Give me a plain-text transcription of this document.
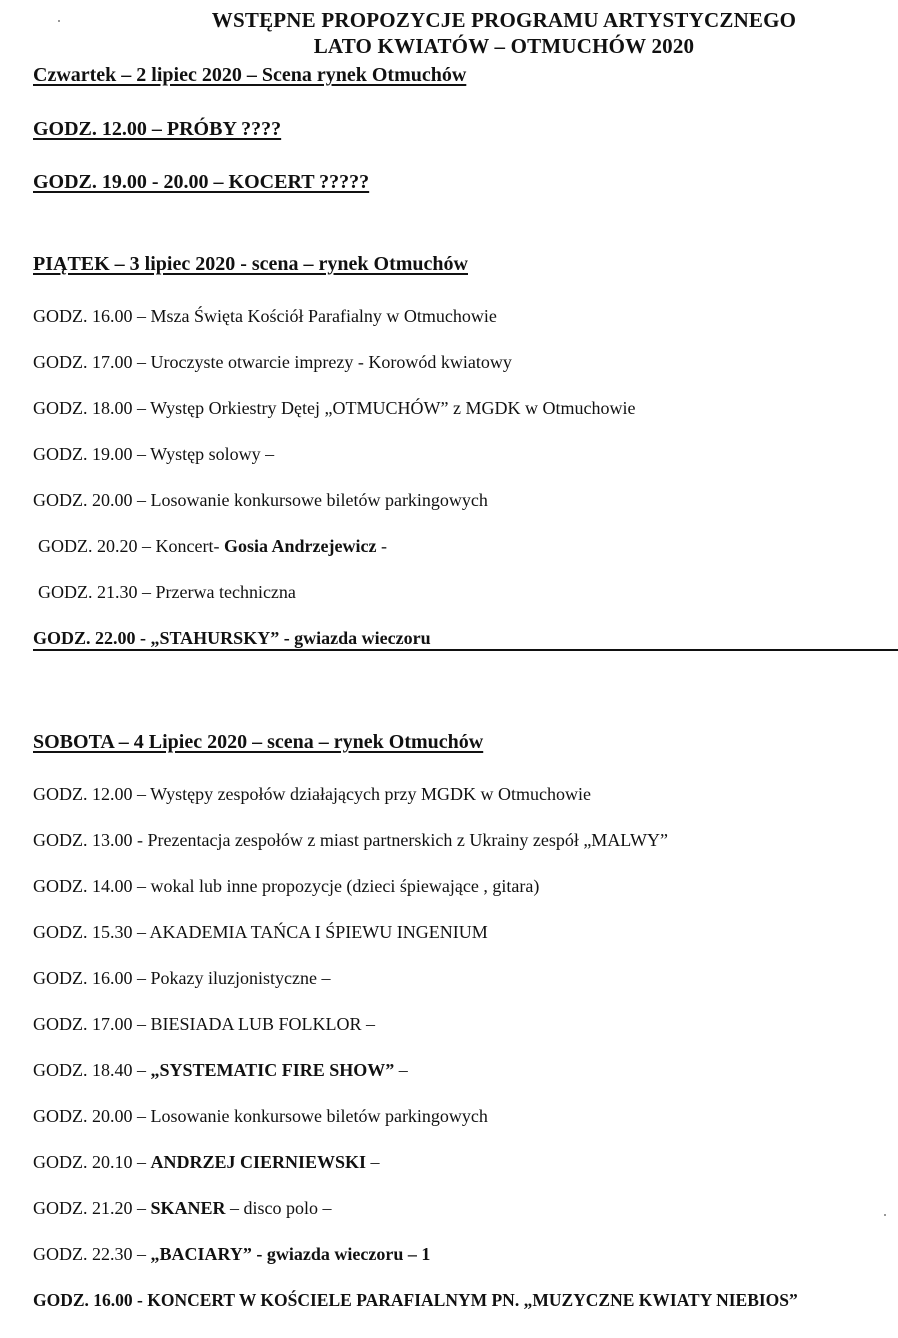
WSTĘPNE PROPOZYCJE PROGRAMU ARTYSTYCZNEGO
LATO KWIATÓW – OTMUCHÓW 2020
Czwartek – 2 lipiec 2020 – Scena rynek Otmuchów
GODZ. 12.00 – PRÓBY ????
GODZ. 19.00 - 20.00 – KOCERT ?????
PIĄTEK – 3 lipiec 2020 - scena – rynek Otmuchów
GODZ. 16.00 – Msza Święta Kościół Parafialny w Otmuchowie
GODZ. 17.00 – Uroczyste otwarcie imprezy - Korowód kwiatowy
GODZ. 18.00 – Występ Orkiestry Dętej „OTMUCHÓW” z MGDK w Otmuchowie
GODZ. 19.00 – Występ solowy –
GODZ. 20.00 – Losowanie konkursowe biletów parkingowych
GODZ. 20.20 – Koncert- Gosia Andrzejewicz -
GODZ. 21.30 – Przerwa techniczna
GODZ. 22.00 - „STAHURSKY” - gwiazda wieczoru
SOBOTA – 4 Lipiec 2020 – scena – rynek Otmuchów
GODZ. 12.00 – Występy zespołów działających przy MGDK w Otmuchowie
GODZ. 13.00 - Prezentacja zespołów z miast partnerskich z Ukrainy zespół „MALWY”
GODZ. 14.00 – wokal lub inne propozycje (dzieci śpiewające , gitara)
GODZ. 15.30 – AKADEMIA TAŃCA I ŚPIEWU INGENIUM
GODZ. 16.00 – Pokazy iluzjonistyczne –
GODZ. 17.00 – BIESIADA LUB FOLKLOR –
GODZ. 18.40 – „SYSTEMATIC FIRE SHOW” –
GODZ. 20.00 – Losowanie konkursowe biletów parkingowych
GODZ. 20.10 – ANDRZEJ CIERNIEWSKI –
GODZ. 21.20 – SKANER – disco polo –
GODZ. 22.30 – „BACIARY” - gwiazda wieczoru – 1
GODZ. 16.00 - KONCERT W KOŚCIELE PARAFIALNYM PN. „MUZYCZNE KWIATY NIEBIOS”
